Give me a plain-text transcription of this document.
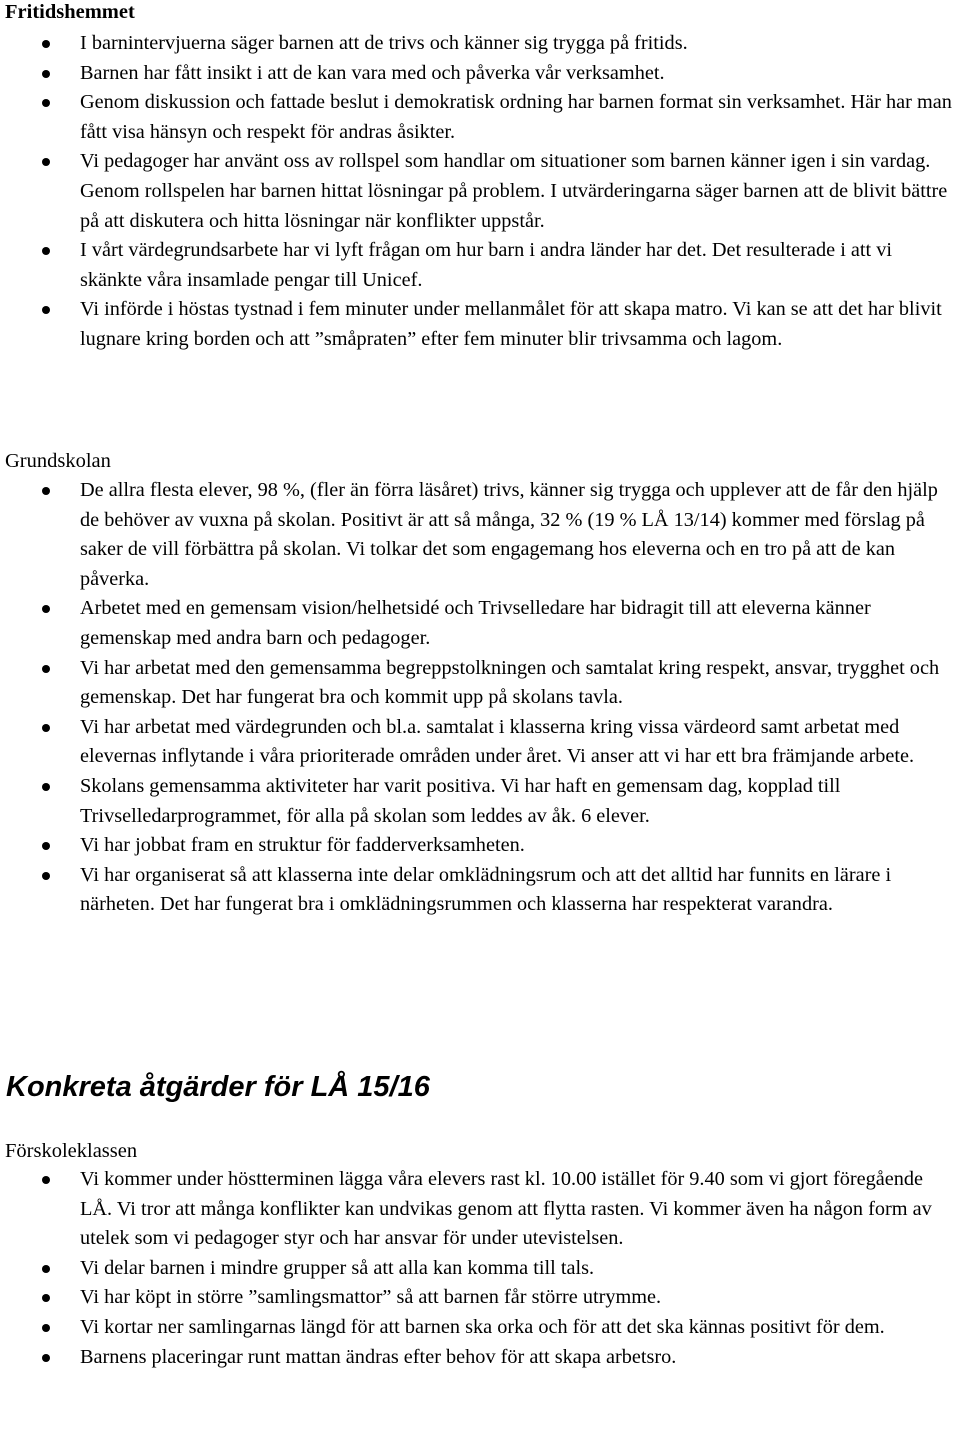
Fritidshemmet
I barnintervjuerna säger barnen att de trivs och känner sig trygga på fritids.
Barnen har fått insikt i att de kan vara med och påverka vår verksamhet.
Genom diskussion och fattade beslut i demokratisk ordning har barnen format sin verksamhet. Här har man fått visa hänsyn och respekt för andras åsikter.
Vi pedagoger har använt oss av rollspel som handlar om situationer som barnen känner igen i sin vardag. Genom rollspelen har barnen hittat lösningar på problem. I utvärderingarna säger barnen att de blivit bättre på att diskutera och hitta lösningar när konflikter uppstår.
I vårt värdegrundsarbete har vi lyft frågan om hur barn i andra länder har det. Det resulterade i att vi skänkte våra insamlade pengar till Unicef.
Vi införde i höstas tystnad i fem minuter under mellanmålet för att skapa matro. Vi kan se att det har blivit lugnare kring borden och att ”småpraten” efter fem minuter blir trivsamma och lagom.
Grundskolan
De allra flesta elever, 98 %, (fler än förra läsåret) trivs, känner sig trygga och upplever att de får den hjälp de behöver av vuxna på skolan. Positivt är att så många, 32 % (19 % LÅ 13/14) kommer med förslag på saker de vill förbättra på skolan. Vi tolkar det som engagemang hos eleverna och en tro på att de kan påverka.
Arbetet med en gemensam vision/helhetsidé och Trivselledare har bidragit till att eleverna känner gemenskap med andra barn och pedagoger.
Vi har arbetat med den gemensamma begreppstolkningen och samtalat kring respekt, ansvar, trygghet och gemenskap. Det har fungerat bra och kommit upp på skolans tavla.
Vi har arbetat med värdegrunden och bl.a. samtalat i klasserna kring vissa värdeord samt arbetat med elevernas inflytande i våra prioriterade områden under året. Vi anser att vi har ett bra främjande arbete.
Skolans gemensamma aktiviteter har varit positiva. Vi har haft en gemensam dag, kopplad till Trivselledarprogrammet, för alla på skolan som leddes av åk. 6 elever.
Vi har jobbat fram en struktur för fadderverksamheten.
Vi har organiserat så att klasserna inte delar omklädningsrum och att det alltid har funnits en lärare i närheten. Det har fungerat bra i omklädningsrummen och klasserna har respekterat varandra.
Konkreta åtgärder för LÅ 15/16
Förskoleklassen
Vi kommer under höstterminen lägga våra elevers rast kl. 10.00 istället för 9.40 som vi gjort föregående LÅ. Vi tror att många konflikter kan undvikas genom att flytta rasten. Vi kommer även ha någon form av utelek som vi pedagoger styr och har ansvar för under utevistelsen.
Vi delar barnen i mindre grupper så att alla kan komma till tals.
Vi har köpt in större ”samlingsmattor” så att barnen får större utrymme.
Vi kortar ner samlingarnas längd för att barnen ska orka och för att det ska kännas positivt för dem.
Barnens placeringar runt mattan ändras efter behov för att skapa arbetsro.
